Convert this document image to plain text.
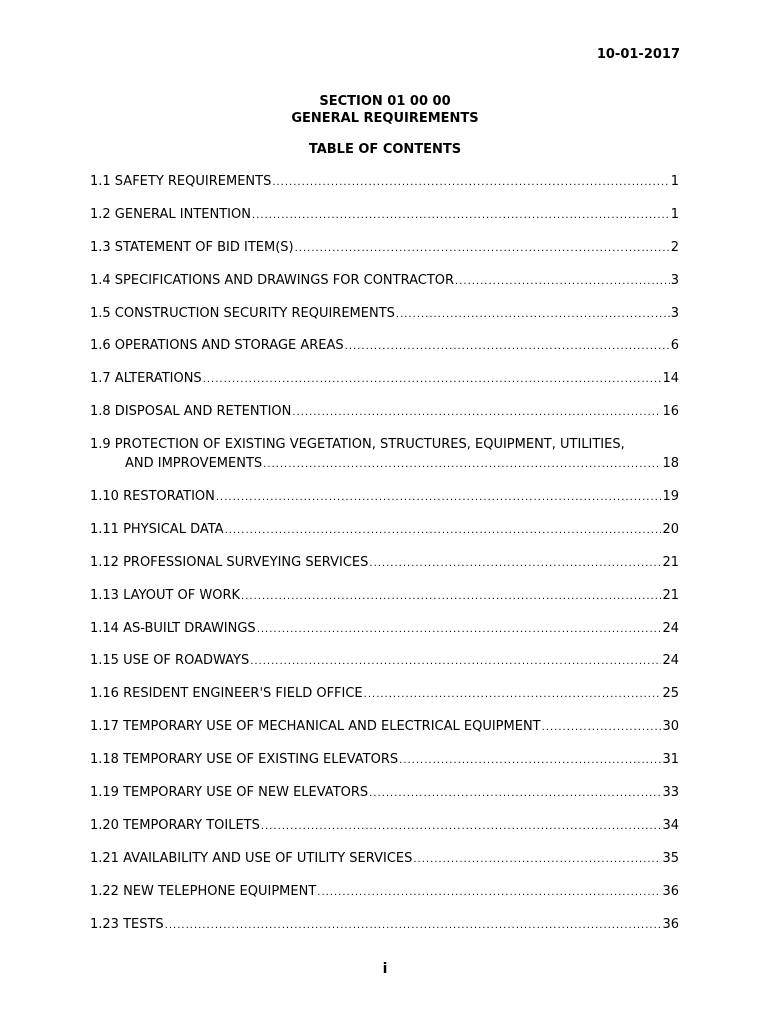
10-01-2017
SECTION 01 00 00
GENERAL REQUIREMENTS
TABLE OF CONTENTS
1.1 SAFETY REQUIREMENTS .....	1
1.2 GENERAL INTENTION .....	1
1.3 STATEMENT OF BID ITEM(S) .....	2
1.4 SPECIFICATIONS AND DRAWINGS FOR CONTRACTOR .....	3
1.5 CONSTRUCTION SECURITY REQUIREMENTS .....	3
1.6 OPERATIONS AND STORAGE AREAS .....	6
1.7 ALTERATIONS .....	14
1.8 DISPOSAL AND RETENTION .....	16
1.9 PROTECTION OF EXISTING VEGETATION, STRUCTURES, EQUIPMENT, UTILITIES,
AND IMPROVEMENTS .....	18
1.10 RESTORATION .....	19
1.11 PHYSICAL DATA .....	20
1.12 PROFESSIONAL SURVEYING SERVICES .....	21
1.13 LAYOUT OF WORK .....	21
1.14 AS-BUILT DRAWINGS .....	24
1.15 USE OF ROADWAYS .....	24
1.16 RESIDENT ENGINEER'S FIELD OFFICE .....	25
1.17 TEMPORARY USE OF MECHANICAL AND ELECTRICAL EQUIPMENT .....	30
1.18 TEMPORARY USE OF EXISTING ELEVATORS .....	31
1.19 TEMPORARY USE OF NEW ELEVATORS .....	33
1.20 TEMPORARY TOILETS .....	34
1.21 AVAILABILITY AND USE OF UTILITY SERVICES .....	35
1.22 NEW TELEPHONE EQUIPMENT .....	36
1.23 TESTS .....	36
i
